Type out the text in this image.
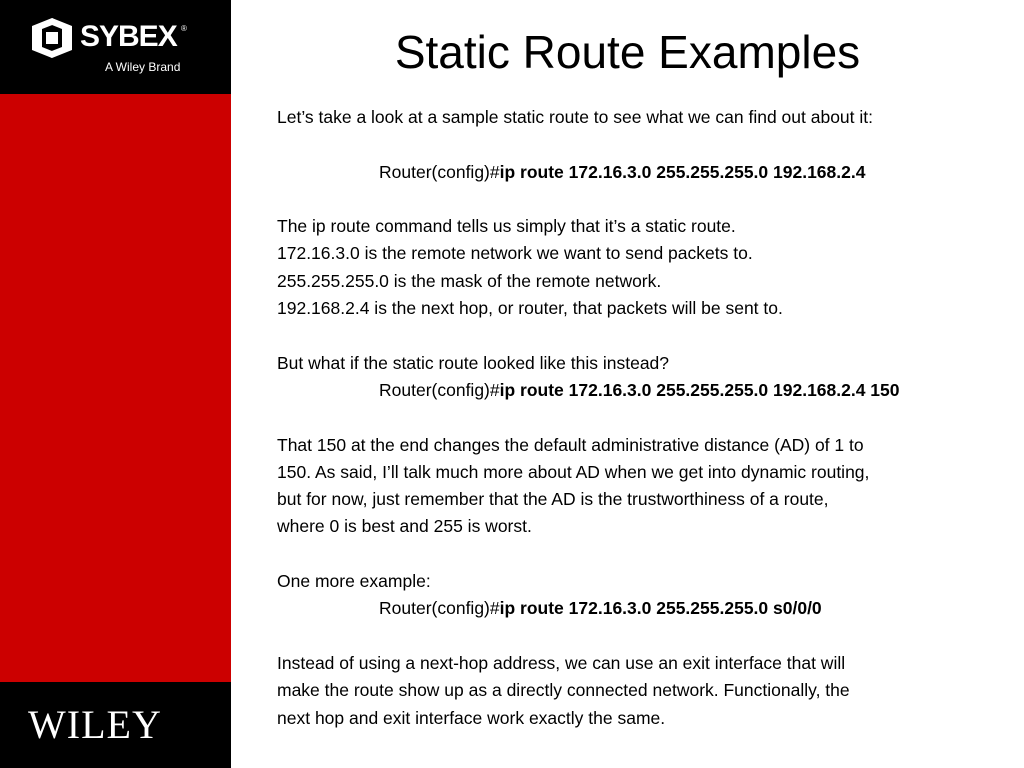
SYBEX ®
A Wiley Brand
WILEY
Static Route Examples
Let’s take a look at a sample static route to see what we can find out about it:
Router(config)#ip route 172.16.3.0 255.255.255.0 192.168.2.4
The ip route command tells us simply that it’s a static route.
172.16.3.0 is the remote network we want to send packets to.
255.255.255.0 is the mask of the remote network.
192.168.2.4 is the next hop, or router, that packets will be sent to.
But what if the static route looked like this instead?
Router(config)#ip route 172.16.3.0 255.255.255.0 192.168.2.4 150
That 150 at the end changes the default administrative distance (AD) of 1 to
150. As said, I’ll talk much more about AD when we get into dynamic routing,
but for now, just remember that the AD is the trustworthiness of a route,
where 0 is best and 255 is worst.
One more example:
Router(config)#ip route 172.16.3.0 255.255.255.0 s0/0/0
Instead of using a next-hop address, we can use an exit interface that will
make the route show up as a directly connected network. Functionally, the
next hop and exit interface work exactly the same.
